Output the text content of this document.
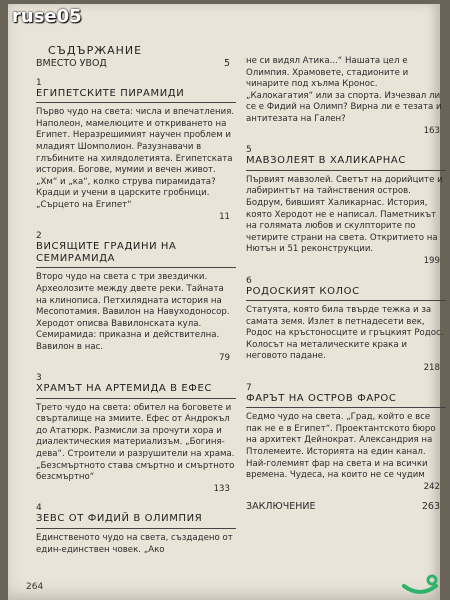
СЪДЪРЖАНИЕ
ВМЕСТО УВОД	5
1
ЕГИПЕТСКИТЕ ПИРАМИДИ
Първо чудо на света: числа и впечатления. Наполеон, мамелюците и откриването на Египет. Неразрешимият научен проблем и младият Шомполион. Разузнавачи в глъбините на хилядолетията. Египетската история. Богове, мумии и вечен живот. „Хм“ и „ка“, колко струва пирамидата? Крадци и учени в царските гробници. „Сърцето на Египет“
11
2
ВИСЯЩИТЕ ГРАДИНИ НА СЕМИРАМИДА
Второ чудо на света с три звездички. Археолозите между двете реки. Тайната на клинописа. Петхилядната история на Месопотамия. Вавилон на Навуходоносор. Херодот описва Вавилонската кула. Семирамида: приказна и действителна. Вавилон в нас.
79
3
ХРАМЪТ НА АРТЕМИДА В ЕФЕС
Трето чудо на света: обител на боговете и свърталище на змиите. Ефес от Андрокъл до Ататюрк. Размисли за прочути хора и диалектическия материализъм. „Богиня-дева“. Строители и разрушители на храма. „Безсмъртното става смъртно и смъртното безсмъртно“
133
4
ЗЕВС ОТ ФИДИЙ В ОЛИМПИЯ
Единственото чудо на света, създадено от един-единствен човек. „Ако
не си видял Атика...“ Нашата цел е Олимпия. Храмовете, стадионите и чинарите под хълма Кронос. „Калокагатия“ или за спорта. Изчезвал ли се е Фидий на Олимп? Вирна ли е тезата и антитезата на Гален?
163
5
МАВЗОЛЕЯТ В ХАЛИКАРНАС
Първият мавзолей. Светът на дорийците и лабиринтът на тайнствения остров. Бодрум, бившият Халикарнас. История, която Херодот не е написал. Паметникът на голямата любов и скулпторите по четирите страни на света. Откритието на Нютън и 51 реконструкции.
199
6
РОДОСКИЯТ КОЛОС
Статуята, която била твърде тежка и за самата земя. Излет в петнадесети век, Родос на кръстоносците и гръцкият Родос. Колосът на металическите крака и неговото падане.
218
7
ФАРЪТ НА ОСТРОВ ФАРОС
Седмо чудо на света. „Град, който е все пак не е в Египет“. Проектантското бюро на архитект Дейнократ. Александрия на Птолемеите. Историята на един канал. Най-големият фар на света и на всички времена. Чудеса, на които не се чудим
242
ЗАКЛЮЧЕНИЕ	263
264
ruse05
